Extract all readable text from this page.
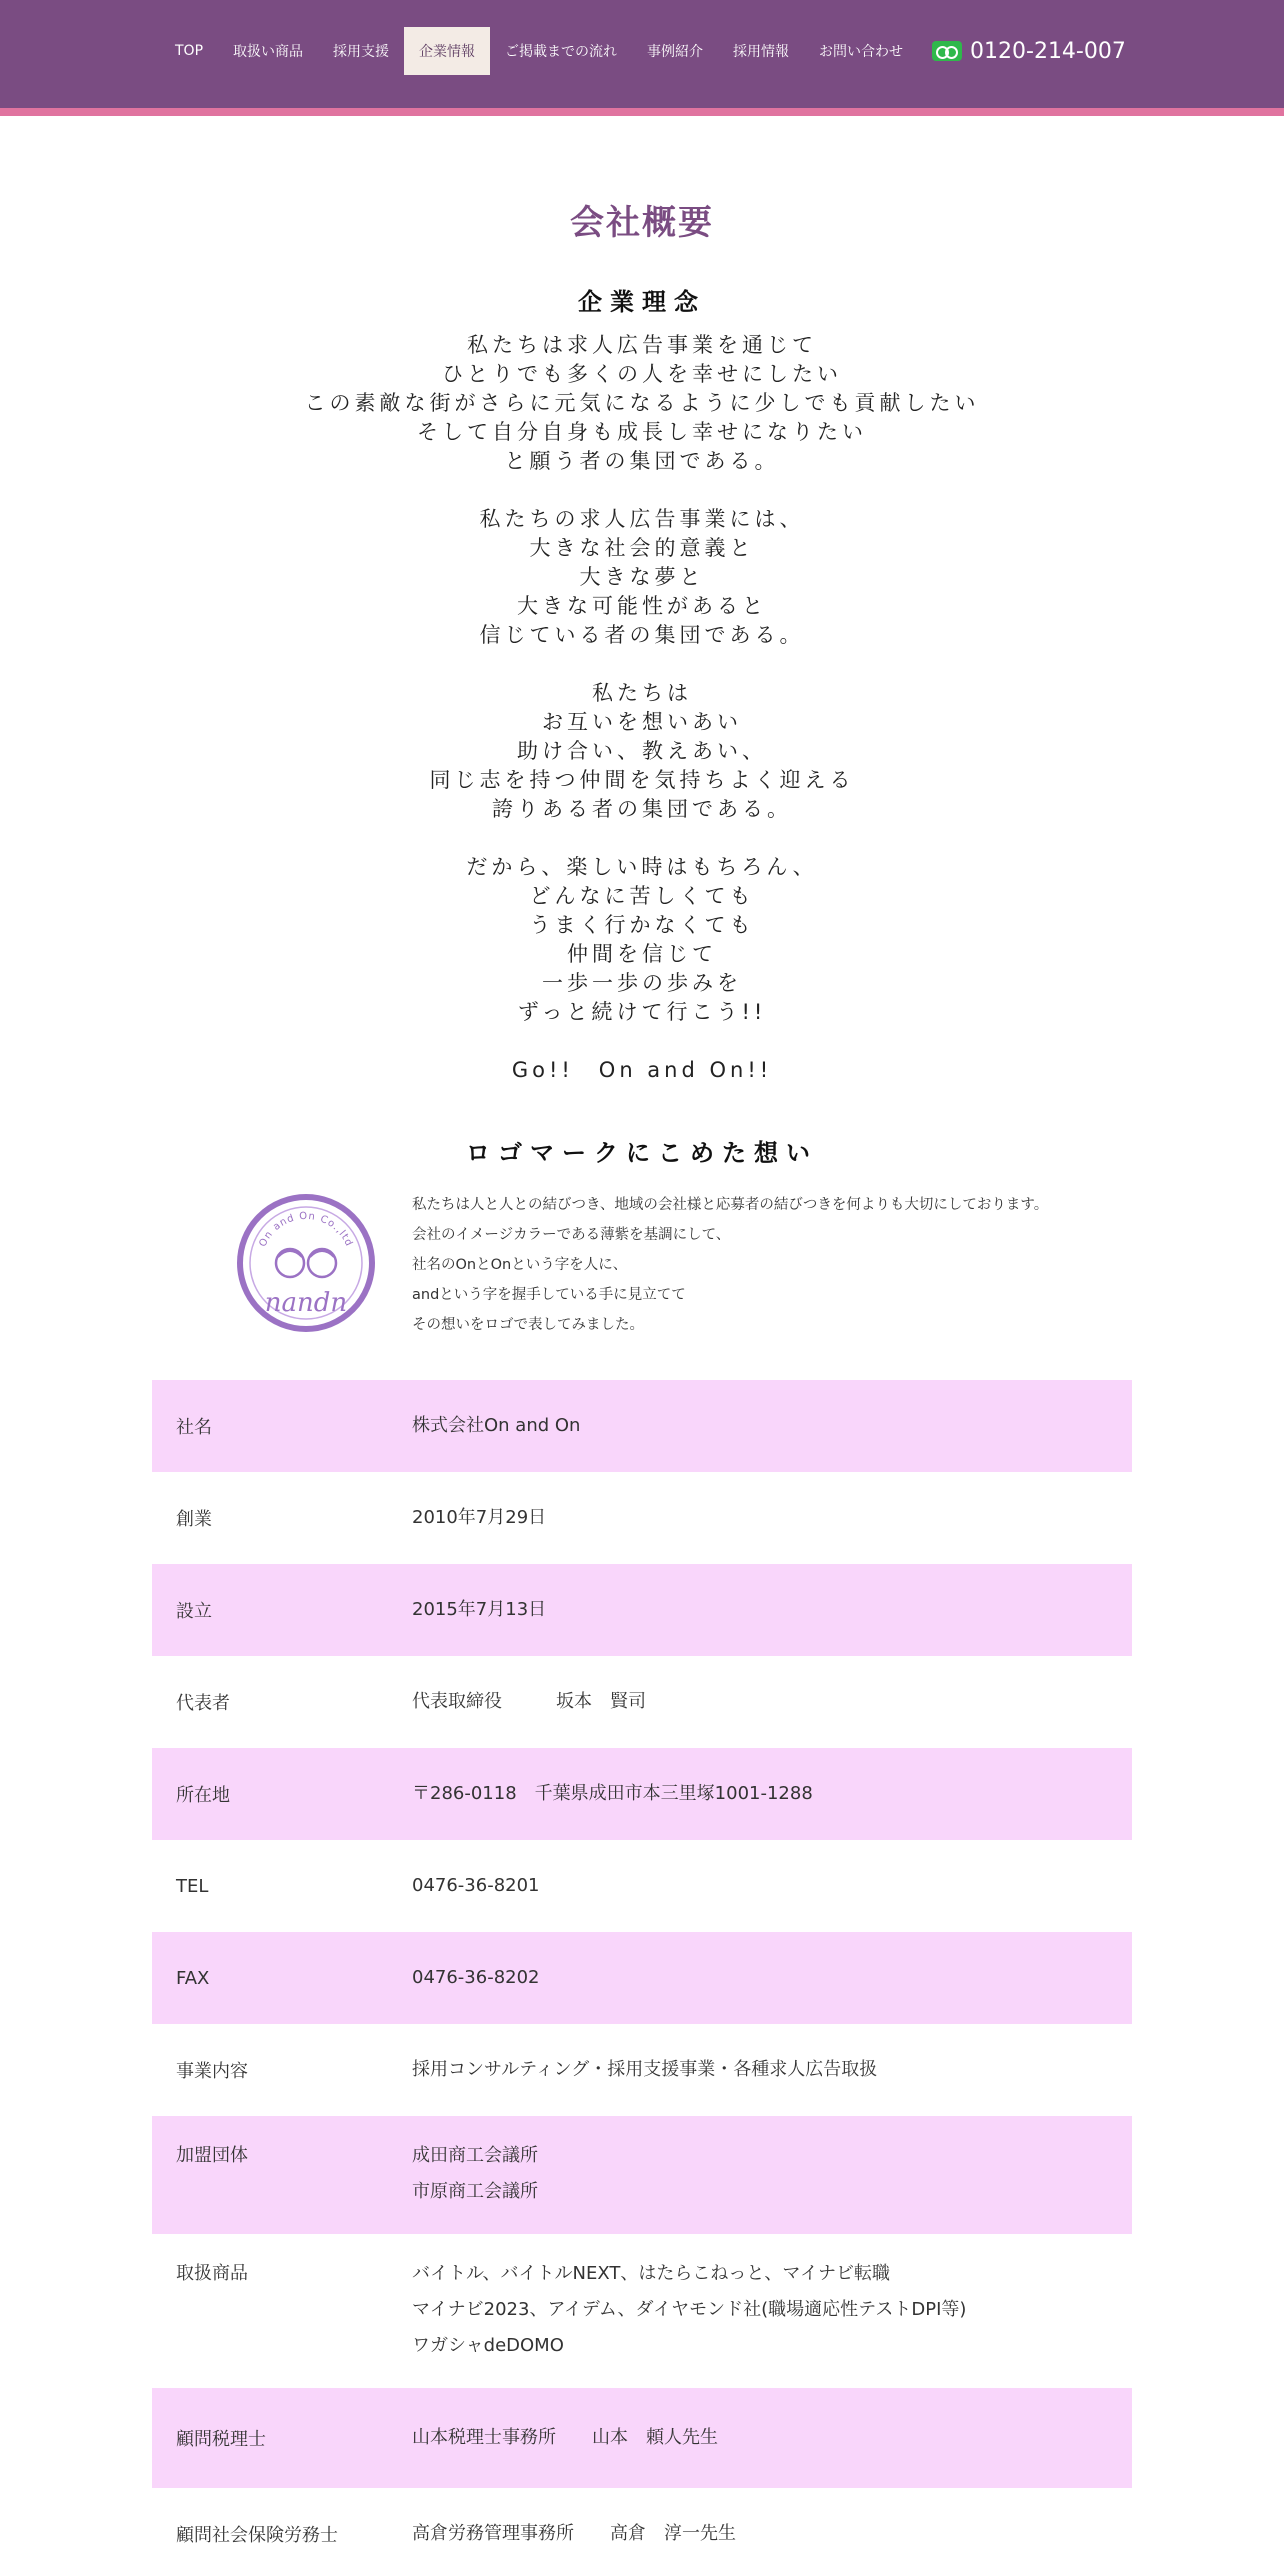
TOP	取扱い商品	採用支援	企業情報	ご掲載までの流れ	事例紹介	採用情報	お問い合わせ	0120-214-007
会社概要
企業理念
私たちは求人広告事業を通じて
ひとりでも多くの人を幸せにしたい
この素敵な街がさらに元気になるように少しでも貢献したい
そして自分自身も成長し幸せになりたい
と願う者の集団である。
私たちの求人広告事業には、
大きな社会的意義と
大きな夢と
大きな可能性があると
信じている者の集団である。
私たちは
お互いを想いあい
助け合い、教えあい、
同じ志を持つ仲間を気持ちよく迎える
誇りある者の集団である。
だから、楽しい時はもちろん、
どんなに苦しくても
うまく行かなくても
仲間を信じて
一歩一歩の歩みを
ずっと続けて行こう!!
Go!!　On and On!!
ロゴマークにこめた想い
On and On Co.,ltd
nandn
私たちは人と人との結びつき、地域の会社様と応募者の結びつきを何よりも大切にしております。
会社のイメージカラーである薄紫を基調にして、
社名のOnとOnという字を人に、
andという字を握手している手に見立てて
その想いをロゴで表してみました。
社名	株式会社On and On
創業	2010年7月29日
設立	2015年7月13日
代表者	代表取締役　　　坂本　賢司
所在地	〒286-0118　千葉県成田市本三里塚1001-1288
TEL	0476-36-8201
FAX	0476-36-8202
事業内容	採用コンサルティング・採用支援事業・各種求人広告取扱
加盟団体	成田商工会議所
市原商工会議所
取扱商品	バイトル、バイトルNEXT、はたらこねっと、マイナビ転職
マイナビ2023、アイデム、ダイヤモンド社(職場適応性テストDPI等)
ワガシャdeDOMO
顧問税理士	山本税理士事務所　　山本　頼人先生
顧問社会保険労務士	高倉労務管理事務所　　高倉　淳一先生
